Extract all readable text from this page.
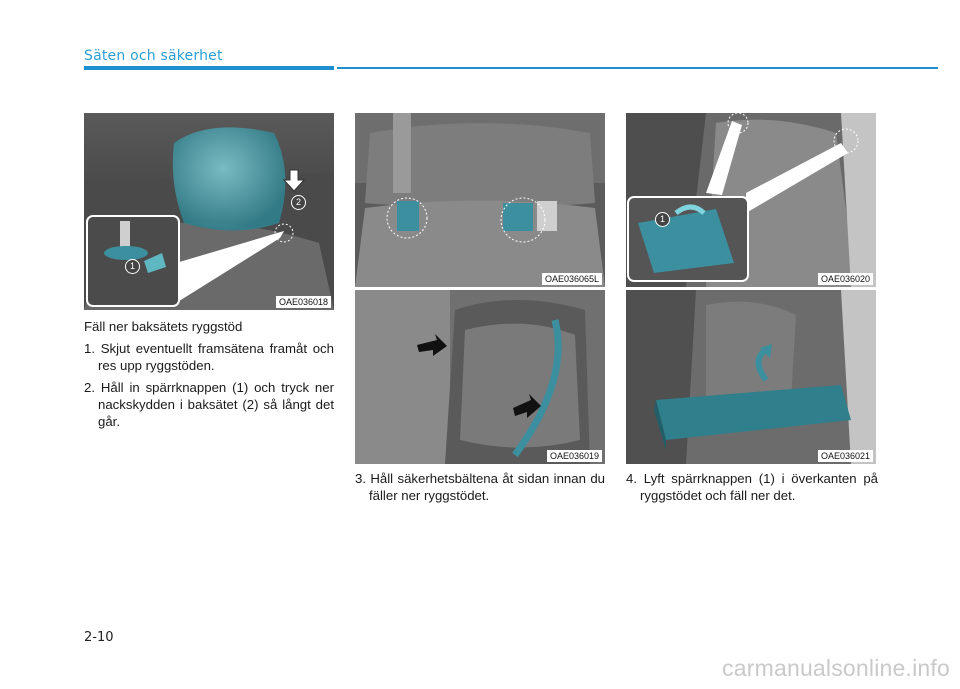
Säten och säkerhet
2
1
OAE036018
OAE036065L
OAE036019
1
OAE036020
OAE036021

Fäll ner baksätets ryggstöd

1. Skjut eventuellt framsätena framåt och res upp ryggstöden.

2. Håll in spärrknappen (1) och tryck ner nackskydden i baksätet (2) så långt det går.

3. Håll säkerhetsbältena åt sidan innan du fäller ner ryggstödet.

4. Lyft spärrknappen (1) i överkanten på ryggstödet och fäll ner det.

2-10
carmanualsonline.info
